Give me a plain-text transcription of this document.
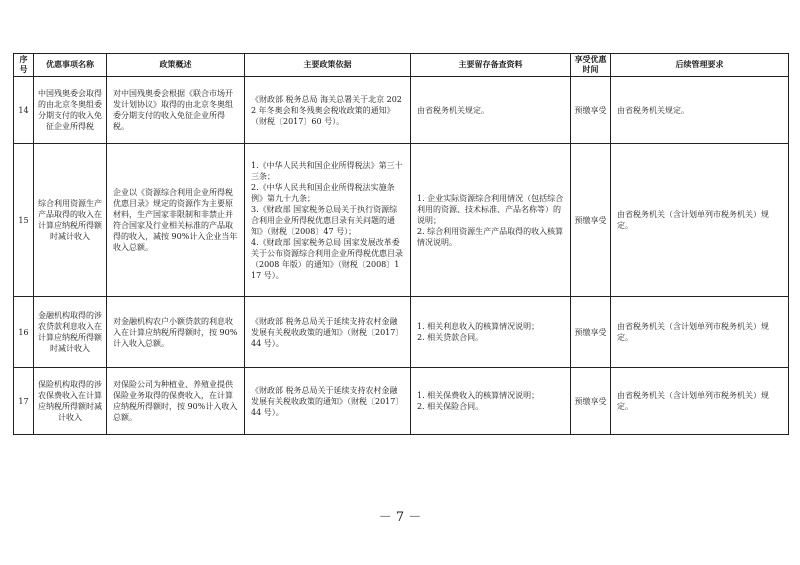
序号	优惠事项名称	政策概述	主要政策依据	主要留存备查资料	享受优惠时间	后续管理要求
14	中国残奥委会取得的由北京冬奥组委分期支付的收入免征企业所得税	对中国残奥委会根据《联合市场开发计划协议》取得的由北京冬奥组委分期支付的收入免征企业所得税。	《财政部 税务总局 海关总署关于北京 2022 年冬奥会和冬残奥会税收政策的通知》（财税〔2017〕60 号）。	由省税务机关规定。	预缴享受	由省税务机关规定。
15	综合利用资源生产产品取得的收入在计算应纳税所得额时减计收入	企业以《资源综合利用企业所得税优惠目录》规定的资源作为主要原材料，生产国家非限制和非禁止并符合国家及行业相关标准的产品取得的收入，减按 90%计入企业当年收入总额。	1.《中华人民共和国企业所得税法》第三十三条；
2.《中华人民共和国企业所得税法实施条例》第九十九条；
3.《财政部 国家税务总局关于执行资源综合利用企业所得税优惠目录有关问题的通知》（财税〔2008〕47 号）；
4.《财政部 国家税务总局 国家发展改革委关于公布资源综合利用企业所得税优惠目录（2008 年版）的通知》（财税〔2008〕117 号）。	1. 企业实际资源综合利用情况（包括综合利用的资源、技术标准、产品名称等）的说明；
2. 综合利用资源生产产品取得的收入核算情况说明。	预缴享受	由省税务机关（含计划单列市税务机关）规定。
16	金融机构取得的涉农贷款利息收入在计算应纳税所得额时减计收入	对金融机构农户小额贷款的利息收入在计算应纳税所得额时，按 90%计入收入总额。	《财政部 税务总局关于延续支持农村金融发展有关税收政策的通知》（财税〔2017〕44 号）。	1. 相关利息收入的核算情况说明；
2. 相关贷款合同。	预缴享受	由省税务机关（含计划单列市税务机关）规定。
17	保险机构取得的涉农保费收入在计算应纳税所得额时减计收入	对保险公司为种植业、养殖业提供保险业务取得的保费收入，在计算应纳税所得额时，按 90%计入收入总额。	《财政部 税务总局关于延续支持农村金融发展有关税收政策的通知》（财税〔2017〕44 号）。	1. 相关保费收入的核算情况说明；
2. 相关保险合同。	预缴享受	由省税务机关（含计划单列市税务机关）规定。
－ 7 －
